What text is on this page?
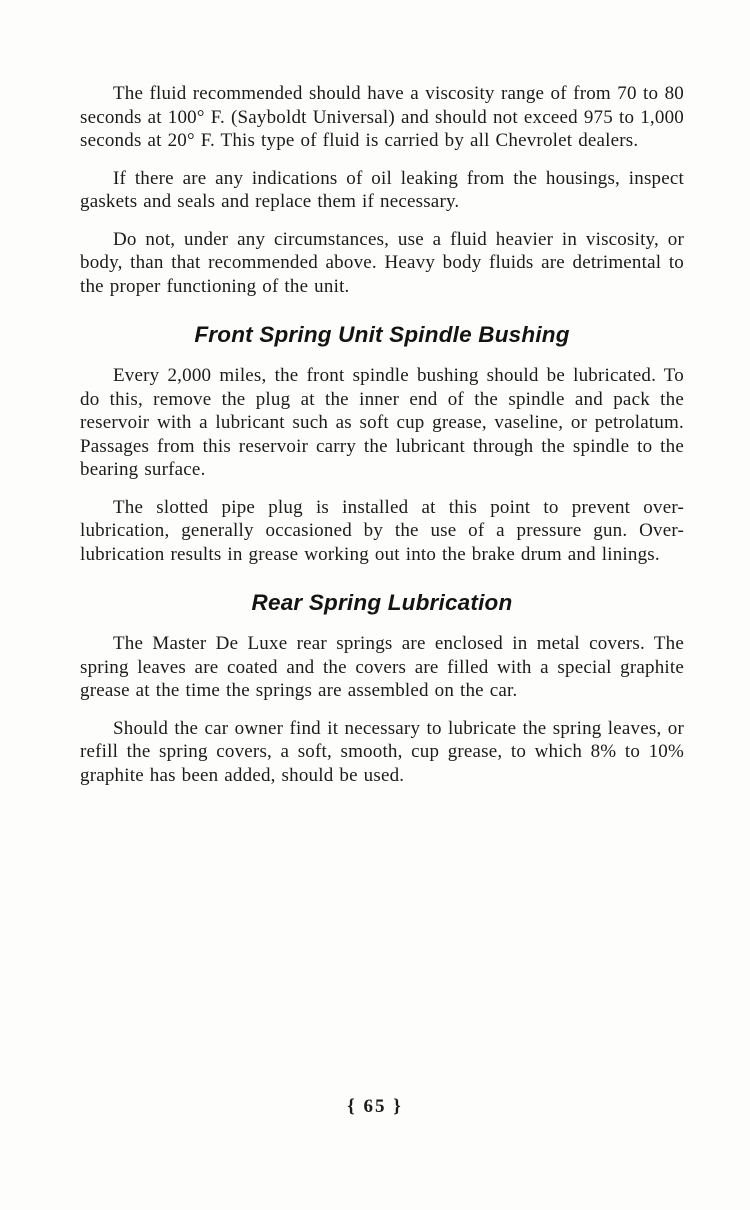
The fluid recommended should have a viscosity range of from 70 to 80 seconds at 100° F. (Sayboldt Universal) and should not exceed 975 to 1,000 seconds at 20° F. This type of fluid is carried by all Chevrolet dealers.

If there are any indications of oil leaking from the housings, inspect gaskets and seals and replace them if necessary.

Do not, under any circumstances, use a fluid heavier in viscosity, or body, than that recommended above. Heavy body fluids are detrimental to the proper functioning of the unit.

Front Spring Unit Spindle Bushing

Every 2,000 miles, the front spindle bushing should be lubricated. To do this, remove the plug at the inner end of the spindle and pack the reservoir with a lubricant such as soft cup grease, vaseline, or petrolatum. Passages from this reservoir carry the lubricant through the spindle to the bearing surface.

The slotted pipe plug is installed at this point to prevent over-lubrication, generally occasioned by the use of a pressure gun. Over-lubrication results in grease working out into the brake drum and linings.

Rear Spring Lubrication

The Master De Luxe rear springs are enclosed in metal covers. The spring leaves are coated and the covers are filled with a special graphite grease at the time the springs are assembled on the car.

Should the car owner find it necessary to lubricate the spring leaves, or refill the spring covers, a soft, smooth, cup grease, to which 8% to 10% graphite has been added, should be used.

{ 65 }
